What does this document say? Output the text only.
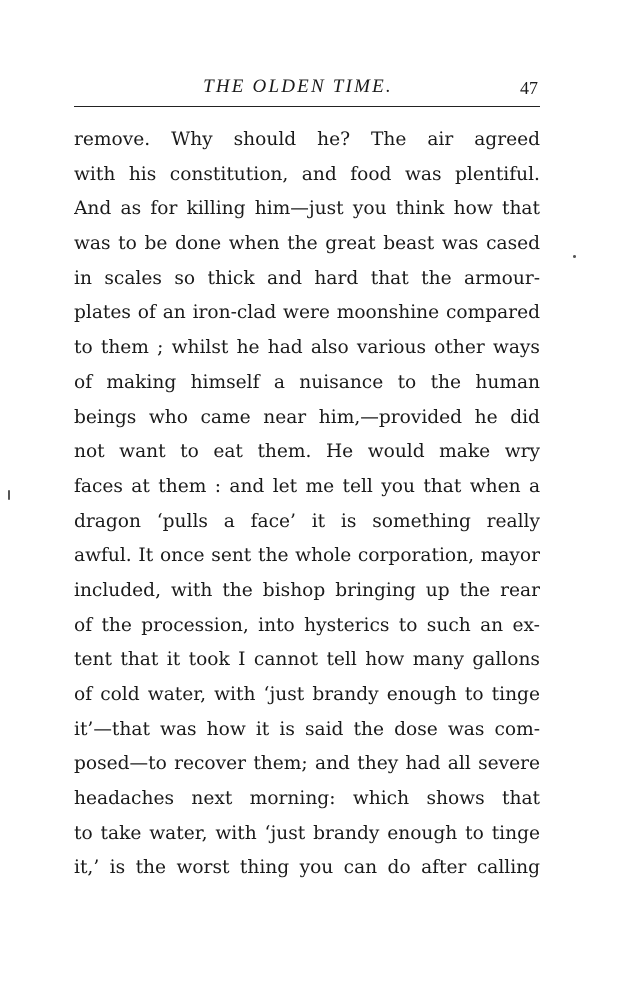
THE OLDEN TIME.	47
remove. Why should he? The air agreed
with his constitution, and food was plentiful.
And as for killing him—just you think how that
was to be done when the great beast was cased
in scales so thick and hard that the armour-
plates of an iron-clad were moonshine compared
to them ; whilst he had also various other ways
of making himself a nuisance to the human
beings who came near him,—provided he did
not want to eat them. He would make wry
faces at them : and let me tell you that when a
dragon ‘pulls a face’ it is something really
awful. It once sent the whole corporation, mayor
included, with the bishop bringing up the rear
of the procession, into hysterics to such an ex-
tent that it took I cannot tell how many gallons
of cold water, with ‘just brandy enough to tinge
it’—that was how it is said the dose was com-
posed—to recover them; and they had all severe
headaches next morning: which shows that
to take water, with ‘just brandy enough to tinge
it,’ is the worst thing you can do after calling
